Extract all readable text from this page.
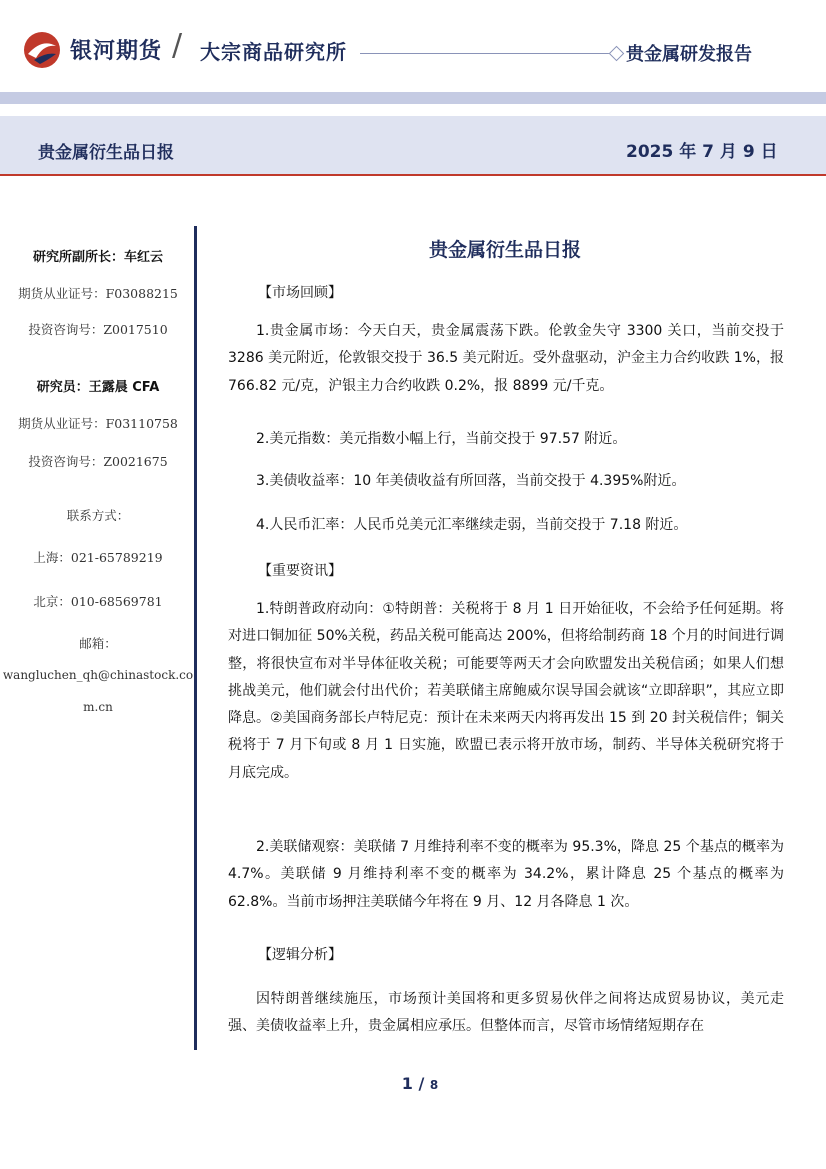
银河期货 / 大宗商品研究所	贵金属研发报告
贵金属衍生品日报	2025 年 7 月 9 日
研究所副所长：车红云
期货从业证号：F03088215
投资咨询号：Z0017510
研究员：王露晨 CFA
期货从业证号：F03110758
投资咨询号：Z0021675
联系方式：
上海：021-65789219
北京：010-68569781
邮箱：
wangluchen_qh@chinastock.co
m.cn
贵金属衍生品日报
【市场回顾】
1.贵金属市场：今天白天，贵金属震荡下跌。伦敦金失守 3300 关口，当前交投于 3286 美元附近，伦敦银交投于 36.5 美元附近。受外盘驱动，沪金主力合约收跌 1%，报 766.82 元/克，沪银主力合约收跌 0.2%，报 8899 元/千克。
2.美元指数：美元指数小幅上行，当前交投于 97.57 附近。
3.美债收益率：10 年美债收益有所回落，当前交投于 4.395%附近。
4.人民币汇率：人民币兑美元汇率继续走弱，当前交投于 7.18 附近。
【重要资讯】
1.特朗普政府动向：①特朗普：关税将于 8 月 1 日开始征收，不会给予任何延期。将对进口铜加征 50%关税，药品关税可能高达 200%，但将给制药商 18 个月的时间进行调整，将很快宣布对半导体征收关税；可能要等两天才会向欧盟发出关税信函；如果人们想挑战美元，他们就会付出代价；若美联储主席鲍威尔误导国会就该“立即辞职”，其应立即降息。②美国商务部长卢特尼克：预计在未来两天内将再发出 15 到 20 封关税信件；铜关税将于 7 月下旬或 8 月 1 日实施，欧盟已表示将开放市场，制药、半导体关税研究将于月底完成。
2.美联储观察：美联储 7 月维持利率不变的概率为 95.3%，降息 25 个基点的概率为 4.7%。美联储 9 月维持利率不变的概率为 34.2%，累计降息 25 个基点的概率为 62.8%。当前市场押注美联储今年将在 9 月、12 月各降息 1 次。
【逻辑分析】
因特朗普继续施压，市场预计美国将和更多贸易伙伴之间将达成贸易协议，美元走强、美债收益率上升，贵金属相应承压。但整体而言，尽管市场情绪短期存在
1 / 8
